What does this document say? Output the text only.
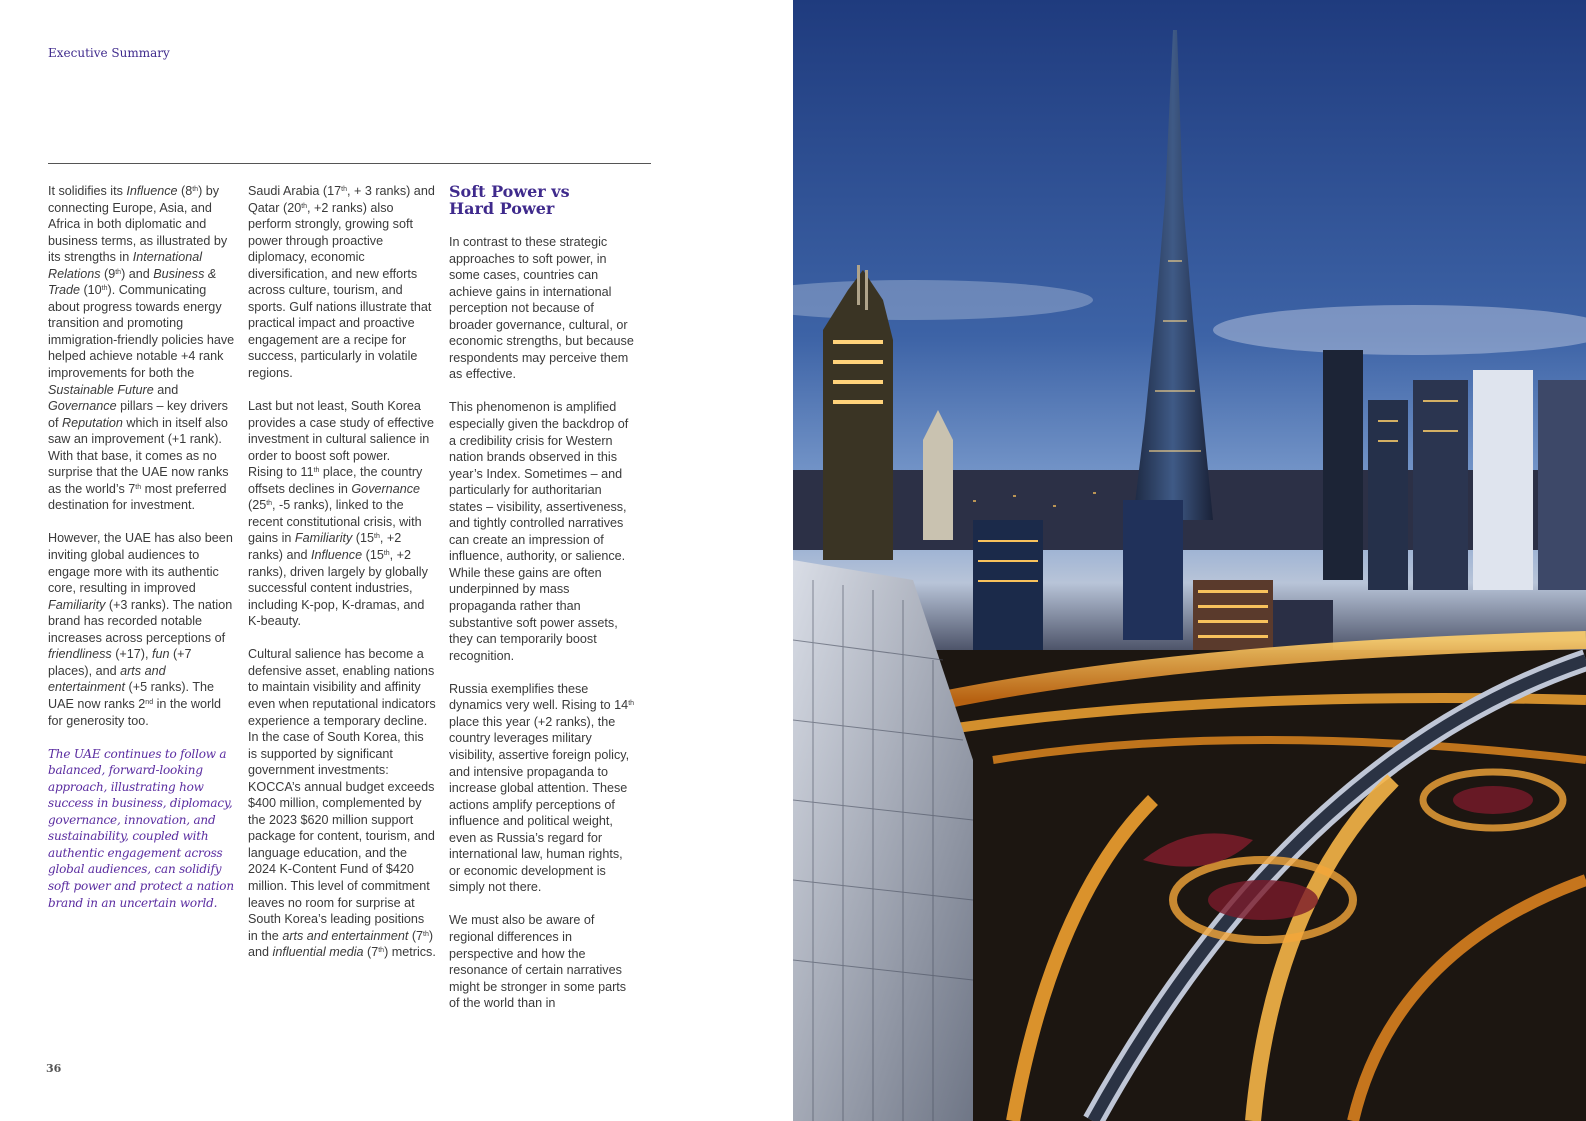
Executive Summary

It solidifies its Influence (8th) by connecting Europe, Asia, and Africa in both diplomatic and business terms, as illustrated by its strengths in International Relations (9th) and Business & Trade (10th). Communicating about progress towards energy transition and promoting immigration-friendly policies have helped achieve notable +4 rank improvements for both the Sustainable Future and Governance pillars – key drivers of Reputation which in itself also saw an improvement (+1 rank). With that base, it comes as no surprise that the UAE now ranks as the world’s 7th most preferred destination for investment.

However, the UAE has also been inviting global audiences to engage more with its authentic core, resulting in improved Familiarity (+3 ranks). The nation brand has recorded notable increases across perceptions of friendliness (+17), fun (+7 places), and arts and entertainment (+5 ranks). The UAE now ranks 2nd in the world for generosity too.

The UAE continues to follow a balanced, forward-looking approach, illustrating how success in business, diplomacy, governance, innovation, and sustainability, coupled with authentic engagement across global audiences, can solidify soft power and protect a nation brand in an uncertain world.

Saudi Arabia (17th, + 3 ranks) and Qatar (20th, +2 ranks) also perform strongly, growing soft power through proactive diplomacy, economic diversification, and new efforts across culture, tourism, and sports. Gulf nations illustrate that practical impact and proactive engagement are a recipe for success, particularly in volatile regions.

Last but not least, South Korea provides a case study of effective investment in cultural salience in order to boost soft power.

Rising to 11th place, the country offsets declines in Governance (25th, -5 ranks), linked to the recent constitutional crisis, with gains in Familiarity (15th, +2 ranks) and Influence (15th, +2 ranks), driven largely by globally successful content industries, including K-pop, K-dramas, and K-beauty.

Cultural salience has become a defensive asset, enabling nations to maintain visibility and affinity even when reputational indicators experience a temporary decline. In the case of South Korea, this is supported by significant government investments: KOCCA’s annual budget exceeds $400 million, complemented by the 2023 $620 million support package for content, tourism, and language education, and the 2024 K-Content Fund of $420 million. This level of commitment leaves no room for surprise at South Korea’s leading positions in the arts and entertainment (7th) and influential media (7th) metrics.

Soft Power vs
Hard Power

In contrast to these strategic approaches to soft power, in some cases, countries can achieve gains in international perception not because of broader governance, cultural, or economic strengths, but because respondents may perceive them as effective.

This phenomenon is amplified especially given the backdrop of a credibility crisis for Western nation brands observed in this year’s Index. Sometimes – and particularly for authoritarian states – visibility, assertiveness, and tightly controlled narratives can create an impression of influence, authority, or salience. While these gains are often underpinned by mass propaganda rather than substantive soft power assets, they can temporarily boost recognition.

Russia exemplifies these dynamics very well. Rising to 14th place this year (+2 ranks), the country leverages military visibility, assertive foreign policy, and intensive propaganda to increase global attention. These actions amplify perceptions of influence and political weight, even as Russia’s regard for international law, human rights, or economic development is simply not there.

We must also be aware of regional differences in perspective and how the resonance of certain narratives might be stronger in some parts of the world than in

36
